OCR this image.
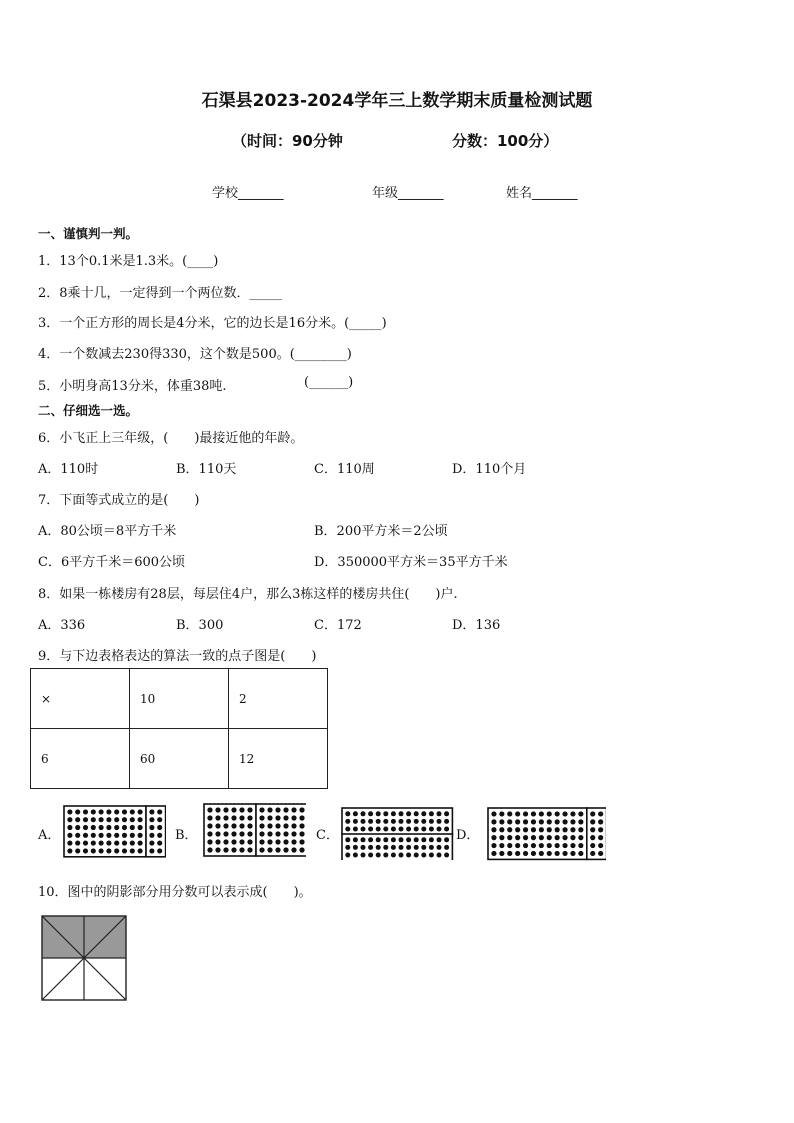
石渠县2023-2024学年三上数学期末质量检测试题
（时间：90分钟	分数：100分）
学校_______	年级_______	姓名_______
一、谨慎判一判。
1．13个0.1米是1.3米。(____)
2．8乘十几，一定得到一个两位数．_____
3．一个正方形的周长是4分米，它的边长是16分米。(_____)
4．一个数减去230得330，这个数是500。(________)
5．小明身高13分米，体重38吨.	(______)
二、仔细选一选。
6．小飞正上三年级，(　　)最接近他的年龄。
A．110时	B．110天	C．110周	D．110个月
7．下面等式成立的是(　　)
A．80公顷＝8平方千米	B．200平方米＝2公顷
C．6平方千米＝600公顷	D．350000平方米＝35平方千米
8．如果一栋楼房有28层，每层住4户，那么3栋这样的楼房共住(　　)户.
A．336	B．300	C．172	D．136
9．与下边表格表达的算法一致的点子图是(　　)
×	10	2
6	60	12
A．	B．	C．	D．
10．图中的阴影部分用分数可以表示成(　　)。
